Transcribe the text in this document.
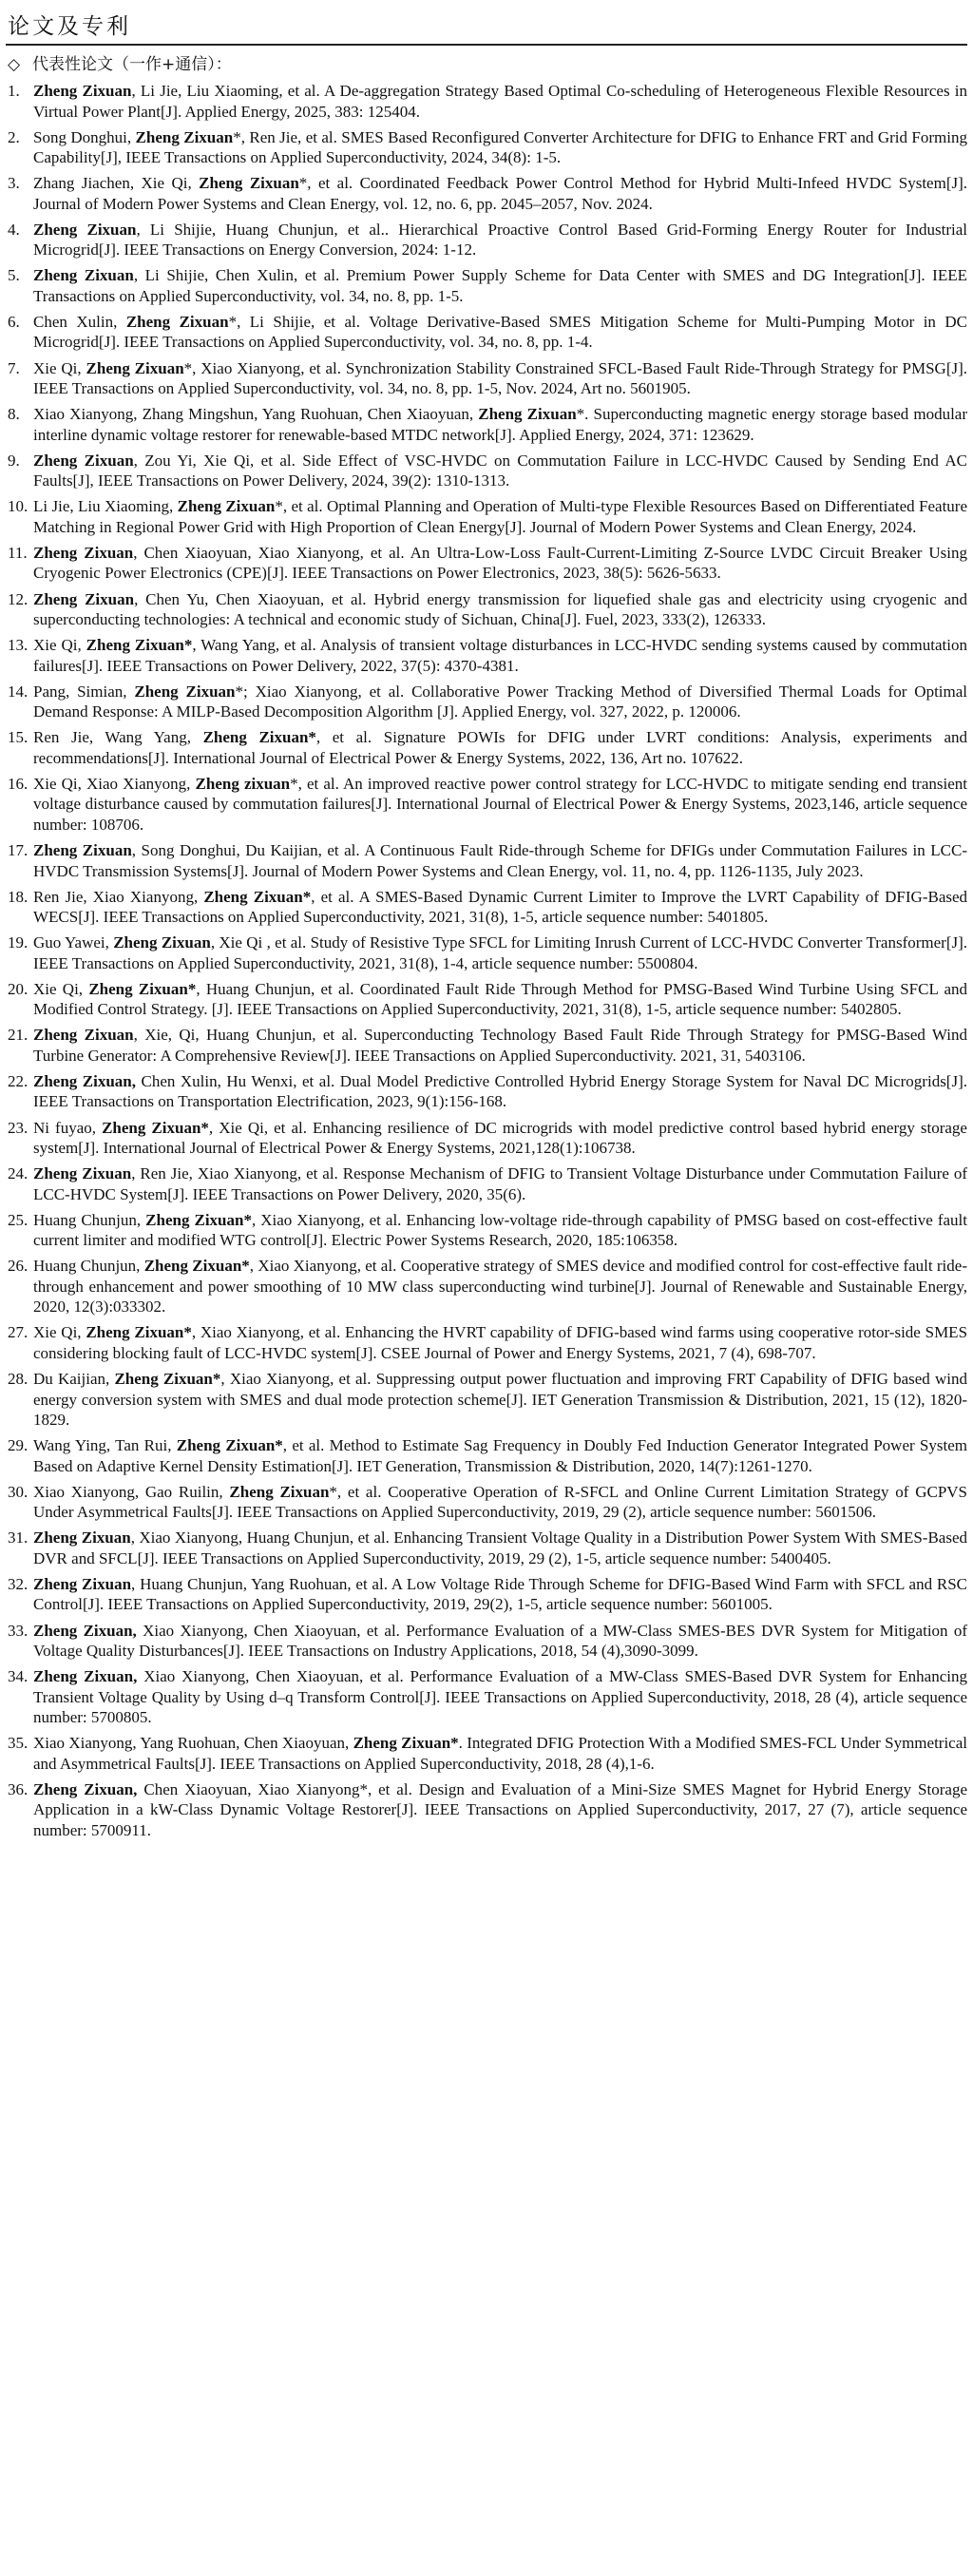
论文及专利
◇ 代表性论文（一作+通信）：
1. Zheng Zixuan, Li Jie, Liu Xiaoming, et al. A De-aggregation Strategy Based Optimal Co-scheduling of Heterogeneous Flexible Resources in Virtual Power Plant[J]. Applied Energy, 2025, 383: 125404.
2. Song Donghui, Zheng Zixuan*, Ren Jie, et al. SMES Based Reconfigured Converter Architecture for DFIG to Enhance FRT and Grid Forming Capability[J], IEEE Transactions on Applied Superconductivity, 2024, 34(8): 1-5.
3. Zhang Jiachen, Xie Qi, Zheng Zixuan*, et al. Coordinated Feedback Power Control Method for Hybrid Multi-Infeed HVDC System[J]. Journal of Modern Power Systems and Clean Energy, vol. 12, no. 6, pp. 2045–2057, Nov. 2024.
4. Zheng Zixuan, Li Shijie, Huang Chunjun, et al.. Hierarchical Proactive Control Based Grid-Forming Energy Router for Industrial Microgrid[J]. IEEE Transactions on Energy Conversion, 2024: 1-12.
5. Zheng Zixuan, Li Shijie, Chen Xulin, et al. Premium Power Supply Scheme for Data Center with SMES and DG Integration[J]. IEEE Transactions on Applied Superconductivity, vol. 34, no. 8, pp. 1-5.
6. Chen Xulin, Zheng Zixuan*, Li Shijie, et al. Voltage Derivative-Based SMES Mitigation Scheme for Multi-Pumping Motor in DC Microgrid[J]. IEEE Transactions on Applied Superconductivity, vol. 34, no. 8, pp. 1-4.
7. Xie Qi, Zheng Zixuan*, Xiao Xianyong, et al. Synchronization Stability Constrained SFCL-Based Fault Ride-Through Strategy for PMSG[J]. IEEE Transactions on Applied Superconductivity, vol. 34, no. 8, pp. 1-5, Nov. 2024, Art no. 5601905.
8. Xiao Xianyong, Zhang Mingshun, Yang Ruohuan, Chen Xiaoyuan, Zheng Zixuan*. Superconducting magnetic energy storage based modular interline dynamic voltage restorer for renewable-based MTDC network[J]. Applied Energy, 2024, 371: 123629.
9. Zheng Zixuan, Zou Yi, Xie Qi, et al. Side Effect of VSC-HVDC on Commutation Failure in LCC-HVDC Caused by Sending End AC Faults[J], IEEE Transactions on Power Delivery, 2024, 39(2): 1310-1313.
10. Li Jie, Liu Xiaoming, Zheng Zixuan*, et al. Optimal Planning and Operation of Multi-type Flexible Resources Based on Differentiated Feature Matching in Regional Power Grid with High Proportion of Clean Energy[J]. Journal of Modern Power Systems and Clean Energy, 2024.
11. Zheng Zixuan, Chen Xiaoyuan, Xiao Xianyong, et al. An Ultra-Low-Loss Fault-Current-Limiting Z-Source LVDC Circuit Breaker Using Cryogenic Power Electronics (CPE)[J]. IEEE Transactions on Power Electronics, 2023, 38(5): 5626-5633.
12. Zheng Zixuan, Chen Yu, Chen Xiaoyuan, et al. Hybrid energy transmission for liquefied shale gas and electricity using cryogenic and superconducting technologies: A technical and economic study of Sichuan, China[J]. Fuel, 2023, 333(2), 126333.
13. Xie Qi, Zheng Zixuan*, Wang Yang, et al. Analysis of transient voltage disturbances in LCC-HVDC sending systems caused by commutation failures[J]. IEEE Transactions on Power Delivery, 2022, 37(5): 4370-4381.
14. Pang, Simian, Zheng Zixuan*; Xiao Xianyong, et al. Collaborative Power Tracking Method of Diversified Thermal Loads for Optimal Demand Response: A MILP-Based Decomposition Algorithm [J]. Applied Energy, vol. 327, 2022, p. 120006.
15. Ren Jie, Wang Yang, Zheng Zixuan*, et al. Signature POWIs for DFIG under LVRT conditions: Analysis, experiments and recommendations[J]. International Journal of Electrical Power & Energy Systems, 2022, 136, Art no. 107622.
16. Xie Qi, Xiao Xianyong, Zheng zixuan*, et al. An improved reactive power control strategy for LCC-HVDC to mitigate sending end transient voltage disturbance caused by commutation failures[J]. International Journal of Electrical Power & Energy Systems, 2023,146, article sequence number: 108706.
17. Zheng Zixuan, Song Donghui, Du Kaijian, et al. A Continuous Fault Ride-through Scheme for DFIGs under Commutation Failures in LCC-HVDC Transmission Systems[J]. Journal of Modern Power Systems and Clean Energy, vol. 11, no. 4, pp. 1126-1135, July 2023.
18. Ren Jie, Xiao Xianyong, Zheng Zixuan*, et al. A SMES-Based Dynamic Current Limiter to Improve the LVRT Capability of DFIG-Based WECS[J]. IEEE Transactions on Applied Superconductivity, 2021, 31(8), 1-5, article sequence number: 5401805.
19. Guo Yawei, Zheng Zixuan, Xie Qi , et al. Study of Resistive Type SFCL for Limiting Inrush Current of LCC-HVDC Converter Transformer[J]. IEEE Transactions on Applied Superconductivity, 2021, 31(8), 1-4, article sequence number: 5500804.
20. Xie Qi, Zheng Zixuan*, Huang Chunjun, et al. Coordinated Fault Ride Through Method for PMSG-Based Wind Turbine Using SFCL and Modified Control Strategy. [J]. IEEE Transactions on Applied Superconductivity, 2021, 31(8), 1-5, article sequence number: 5402805.
21. Zheng Zixuan, Xie, Qi, Huang Chunjun, et al. Superconducting Technology Based Fault Ride Through Strategy for PMSG-Based Wind Turbine Generator: A Comprehensive Review[J]. IEEE Transactions on Applied Superconductivity. 2021, 31, 5403106.
22. Zheng Zixuan, Chen Xulin, Hu Wenxi, et al. Dual Model Predictive Controlled Hybrid Energy Storage System for Naval DC Microgrids[J]. IEEE Transactions on Transportation Electrification, 2023, 9(1):156-168.
23. Ni fuyao, Zheng Zixuan*, Xie Qi, et al. Enhancing resilience of DC microgrids with model predictive control based hybrid energy storage system[J]. International Journal of Electrical Power & Energy Systems, 2021,128(1):106738.
24. Zheng Zixuan, Ren Jie, Xiao Xianyong, et al. Response Mechanism of DFIG to Transient Voltage Disturbance under Commutation Failure of LCC-HVDC System[J]. IEEE Transactions on Power Delivery, 2020, 35(6).
25. Huang Chunjun, Zheng Zixuan*, Xiao Xianyong, et al. Enhancing low-voltage ride-through capability of PMSG based on cost-effective fault current limiter and modified WTG control[J]. Electric Power Systems Research, 2020, 185:106358.
26. Huang Chunjun, Zheng Zixuan*, Xiao Xianyong, et al. Cooperative strategy of SMES device and modified control for cost-effective fault ride-through enhancement and power smoothing of 10 MW class superconducting wind turbine[J]. Journal of Renewable and Sustainable Energy, 2020, 12(3):033302.
27. Xie Qi, Zheng Zixuan*, Xiao Xianyong, et al. Enhancing the HVRT capability of DFIG-based wind farms using cooperative rotor-side SMES considering blocking fault of LCC-HVDC system[J]. CSEE Journal of Power and Energy Systems, 2021, 7 (4), 698-707.
28. Du Kaijian, Zheng Zixuan*, Xiao Xianyong, et al. Suppressing output power fluctuation and improving FRT Capability of DFIG based wind energy conversion system with SMES and dual mode protection scheme[J]. IET Generation Transmission & Distribution, 2021, 15 (12), 1820-1829.
29. Wang Ying, Tan Rui, Zheng Zixuan*, et al. Method to Estimate Sag Frequency in Doubly Fed Induction Generator Integrated Power System Based on Adaptive Kernel Density Estimation[J]. IET Generation, Transmission & Distribution, 2020, 14(7):1261-1270.
30. Xiao Xianyong, Gao Ruilin, Zheng Zixuan*, et al. Cooperative Operation of R-SFCL and Online Current Limitation Strategy of GCPVS Under Asymmetrical Faults[J]. IEEE Transactions on Applied Superconductivity, 2019, 29 (2), article sequence number: 5601506.
31. Zheng Zixuan, Xiao Xianyong, Huang Chunjun, et al. Enhancing Transient Voltage Quality in a Distribution Power System With SMES-Based DVR and SFCL[J]. IEEE Transactions on Applied Superconductivity, 2019, 29 (2), 1-5, article sequence number: 5400405.
32. Zheng Zixuan, Huang Chunjun, Yang Ruohuan, et al. A Low Voltage Ride Through Scheme for DFIG-Based Wind Farm with SFCL and RSC Control[J]. IEEE Transactions on Applied Superconductivity, 2019, 29(2), 1-5, article sequence number: 5601005.
33. Zheng Zixuan, Xiao Xianyong, Chen Xiaoyuan, et al. Performance Evaluation of a MW-Class SMES-BES DVR System for Mitigation of Voltage Quality Disturbances[J]. IEEE Transactions on Industry Applications, 2018, 54 (4),3090-3099.
34. Zheng Zixuan, Xiao Xianyong, Chen Xiaoyuan, et al. Performance Evaluation of a MW-Class SMES-Based DVR System for Enhancing Transient Voltage Quality by Using d–q Transform Control[J]. IEEE Transactions on Applied Superconductivity, 2018, 28 (4), article sequence number: 5700805.
35. Xiao Xianyong, Yang Ruohuan, Chen Xiaoyuan, Zheng Zixuan*. Integrated DFIG Protection With a Modified SMES-FCL Under Symmetrical and Asymmetrical Faults[J]. IEEE Transactions on Applied Superconductivity, 2018, 28 (4),1-6.
36. Zheng Zixuan, Chen Xiaoyuan, Xiao Xianyong*, et al. Design and Evaluation of a Mini-Size SMES Magnet for Hybrid Energy Storage Application in a kW-Class Dynamic Voltage Restorer[J]. IEEE Transactions on Applied Superconductivity, 2017, 27 (7), article sequence number: 5700911.
